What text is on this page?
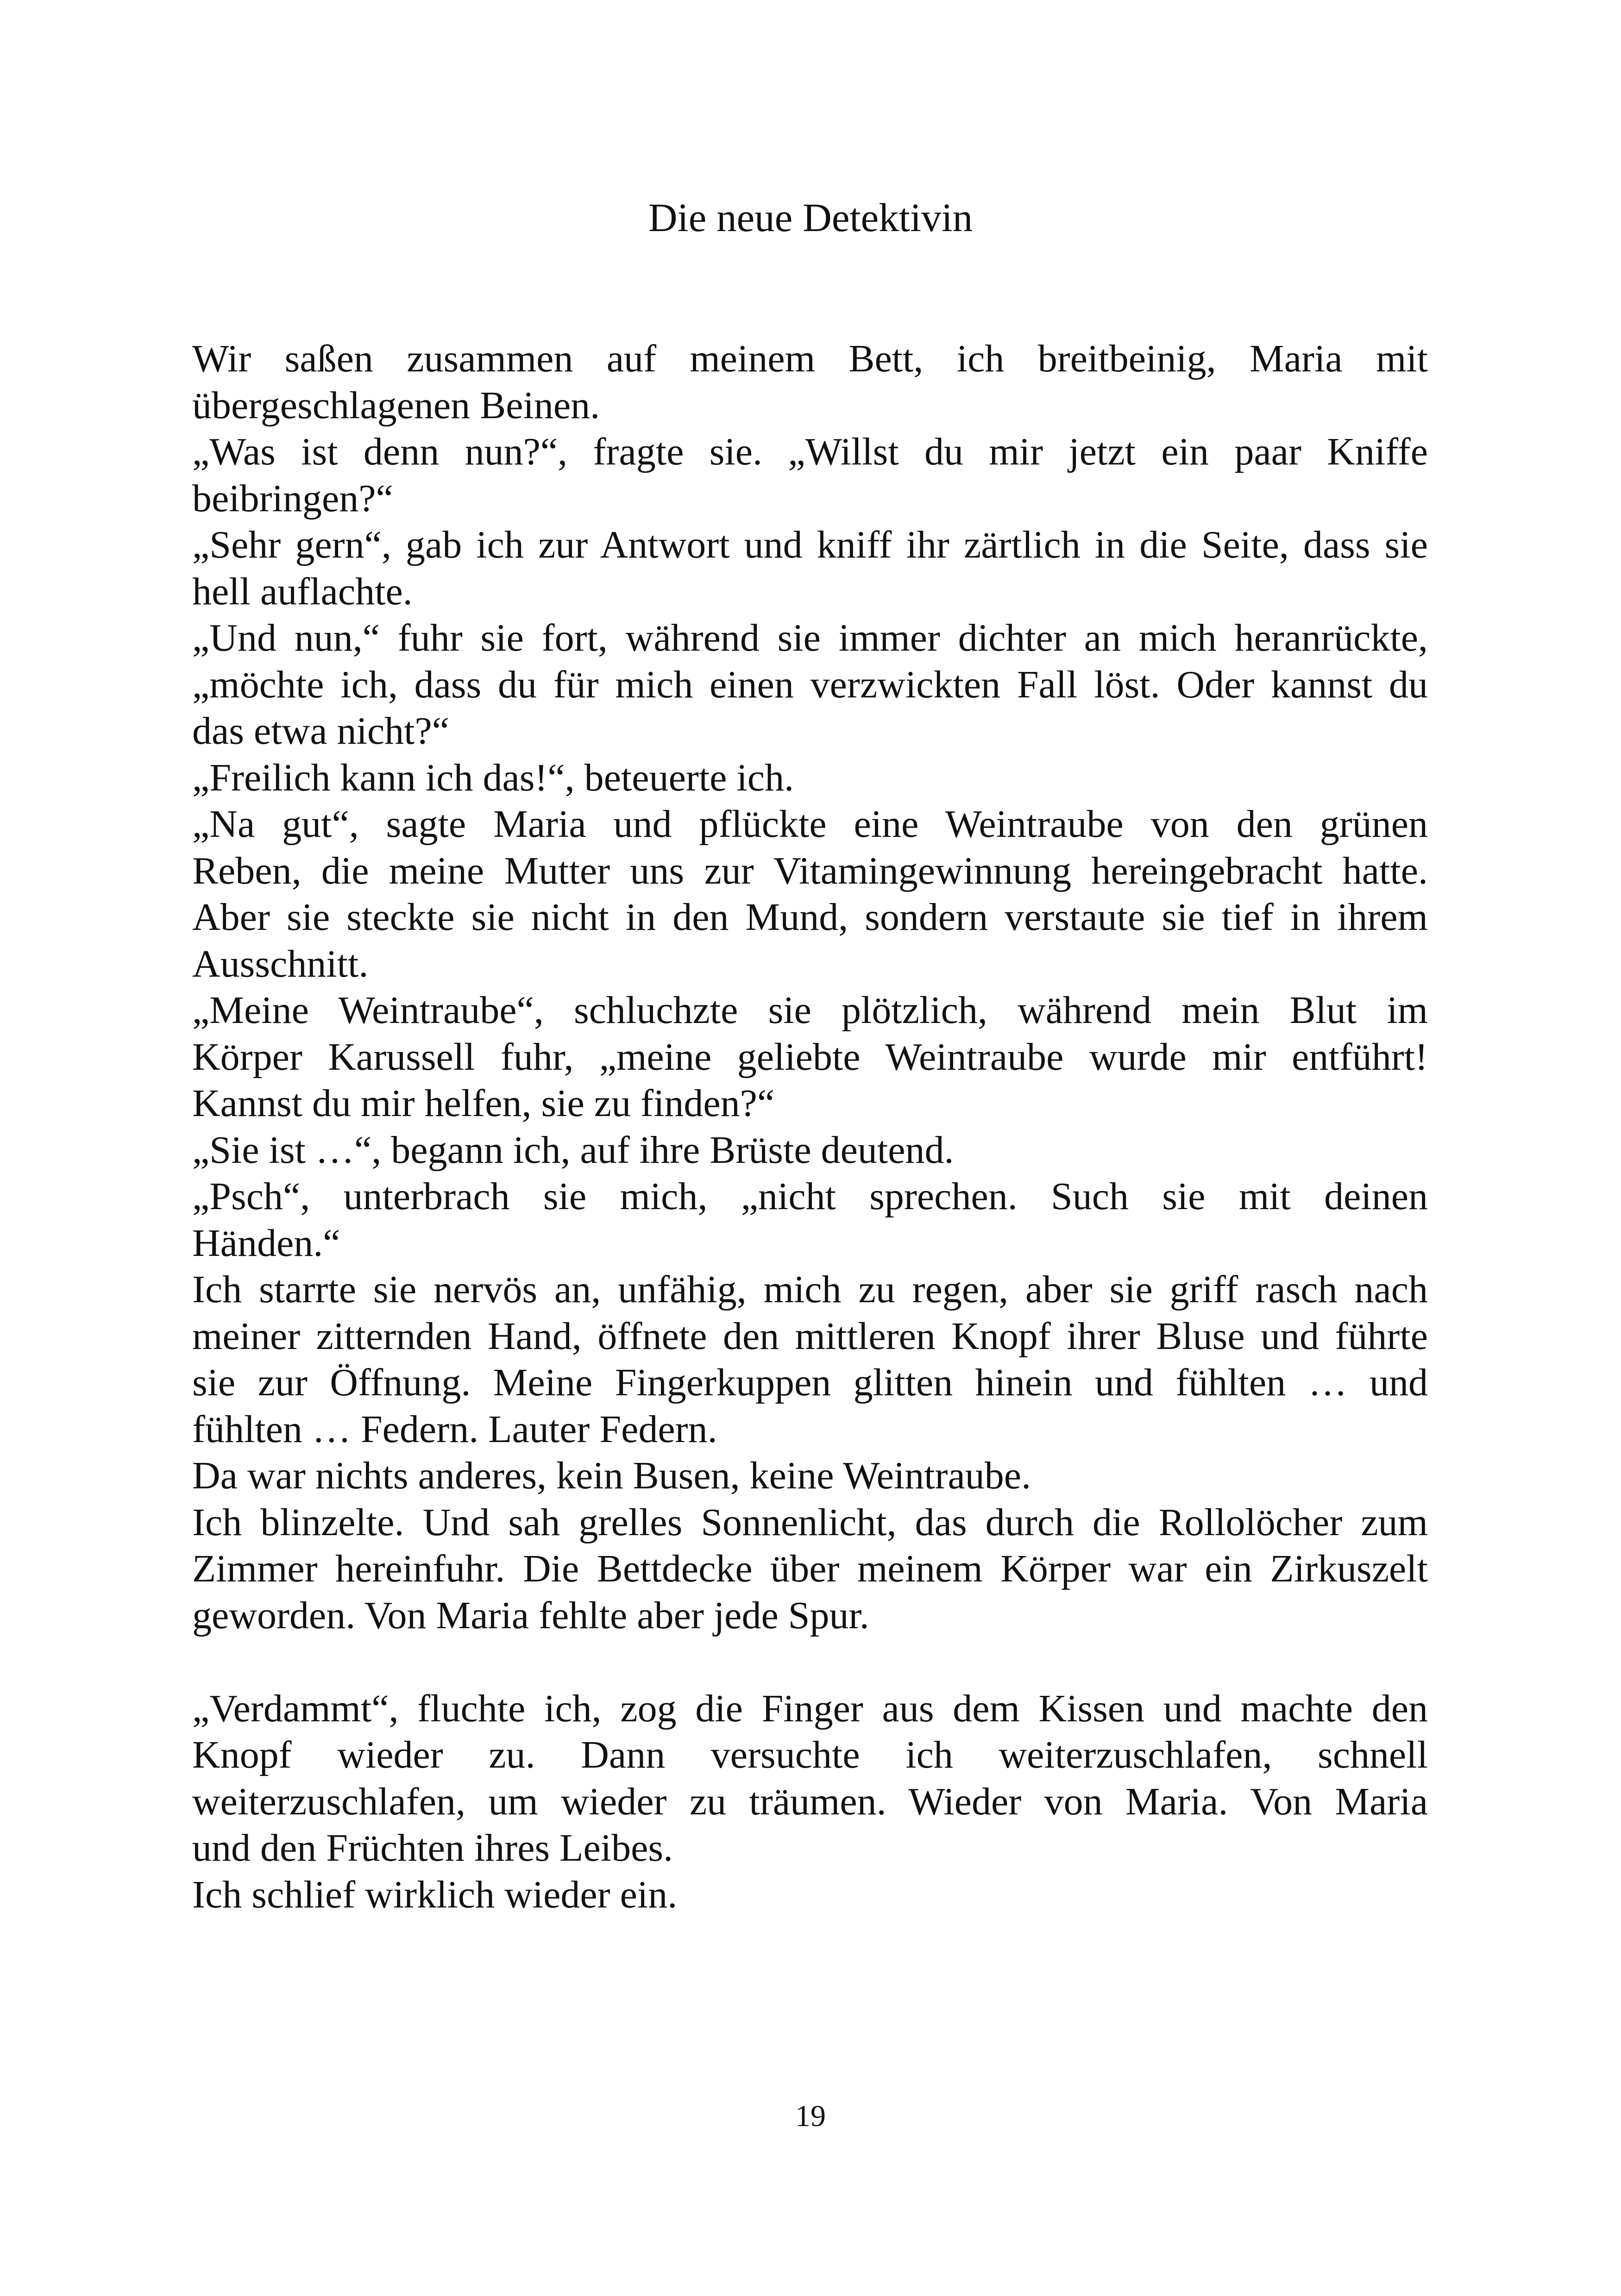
Die neue Detektivin
Wir saßen zusammen auf meinem Bett, ich breitbeinig, Maria mit
übergeschlagenen Beinen.
„Was ist denn nun?“, fragte sie. „Willst du mir jetzt ein paar Kniffe
beibringen?“
„Sehr gern“, gab ich zur Antwort und kniff ihr zärtlich in die Seite, dass sie
hell auflachte.
„Und nun,“ fuhr sie fort, während sie immer dichter an mich heranrückte,
„möchte ich, dass du für mich einen verzwickten Fall löst. Oder kannst du
das etwa nicht?“
„Freilich kann ich das!“, beteuerte ich.
„Na gut“, sagte Maria und pflückte eine Weintraube von den grünen
Reben, die meine Mutter uns zur Vitamingewinnung hereingebracht hatte.
Aber sie steckte sie nicht in den Mund, sondern verstaute sie tief in ihrem
Ausschnitt.
„Meine Weintraube“, schluchzte sie plötzlich, während mein Blut im
Körper Karussell fuhr, „meine geliebte Weintraube wurde mir entführt!
Kannst du mir helfen, sie zu finden?“
„Sie ist …“, begann ich, auf ihre Brüste deutend.
„Psch“, unterbrach sie mich, „nicht sprechen. Such sie mit deinen
Händen.“
Ich starrte sie nervös an, unfähig, mich zu regen, aber sie griff rasch nach
meiner zitternden Hand, öffnete den mittleren Knopf ihrer Bluse und führte
sie zur Öffnung. Meine Fingerkuppen glitten hinein und fühlten … und
fühlten … Federn. Lauter Federn.
Da war nichts anderes, kein Busen, keine Weintraube.
Ich blinzelte. Und sah grelles Sonnenlicht, das durch die Rollolöcher zum
Zimmer hereinfuhr. Die Bettdecke über meinem Körper war ein Zirkuszelt
geworden. Von Maria fehlte aber jede Spur.
„Verdammt“, fluchte ich, zog die Finger aus dem Kissen und machte den
Knopf wieder zu. Dann versuchte ich weiterzuschlafen, schnell
weiterzuschlafen, um wieder zu träumen. Wieder von Maria. Von Maria
und den Früchten ihres Leibes.
Ich schlief wirklich wieder ein.
19
